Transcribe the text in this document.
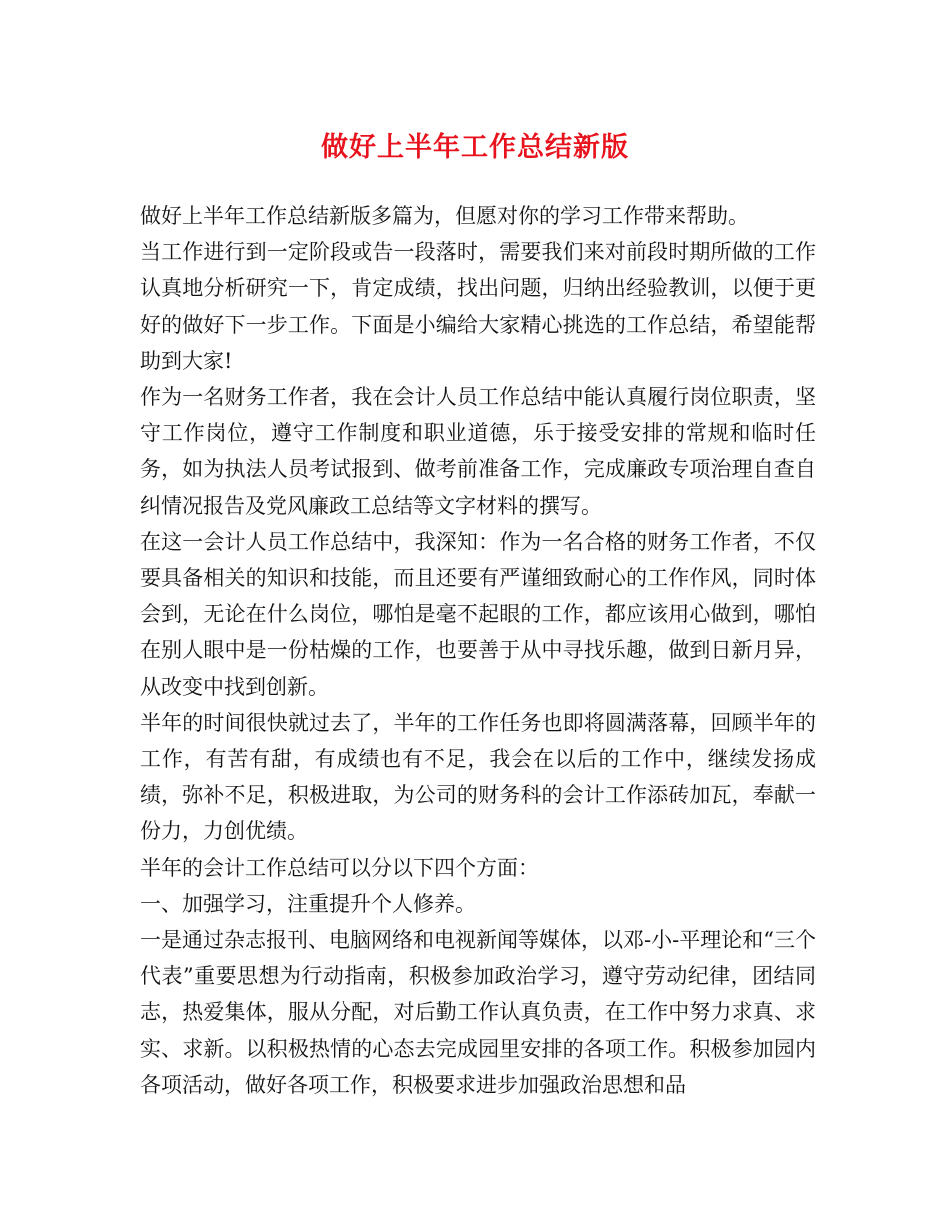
做好上半年工作总结新版

做好上半年工作总结新版多篇为，但愿对你的学习工作带来帮助。

当工作进行到一定阶段或告一段落时，需要我们来对前段时期所做的工作认真地分析研究一下，肯定成绩，找出问题，归纳出经验教训，以便于更好的做好下一步工作。下面是小编给大家精心挑选的工作总结，希望能帮助到大家!

作为一名财务工作者，我在会计人员工作总结中能认真履行岗位职责，坚守工作岗位，遵守工作制度和职业道德，乐于接受安排的常规和临时任务，如为执法人员考试报到、做考前准备工作，完成廉政专项治理自查自纠情况报告及党风廉政工总结等文字材料的撰写。

在这一会计人员工作总结中，我深知：作为一名合格的财务工作者，不仅要具备相关的知识和技能，而且还要有严谨细致耐心的工作作风，同时体会到，无论在什么岗位，哪怕是毫不起眼的工作，都应该用心做到，哪怕在别人眼中是一份枯燥的工作，也要善于从中寻找乐趣，做到日新月异，从改变中找到创新。

半年的时间很快就过去了，半年的工作任务也即将圆满落幕，回顾半年的工作，有苦有甜，有成绩也有不足，我会在以后的工作中，继续发扬成绩，弥补不足，积极进取，为公司的财务科的会计工作添砖加瓦，奉献一份力，力创优绩。

半年的会计工作总结可以分以下四个方面：

一、加强学习，注重提升个人修养。

一是通过杂志报刊、电脑网络和电视新闻等媒体，以邓-小-平理论和“三个代表”重要思想为行动指南，积极参加政治学习，遵守劳动纪律，团结同志，热爱集体，服从分配，对后勤工作认真负责，在工作中努力求真、求实、求新。以积极热情的心态去完成园里安排的各项工作。积极参加园内各项活动，做好各项工作，积极要求进步加强政治思想和品
